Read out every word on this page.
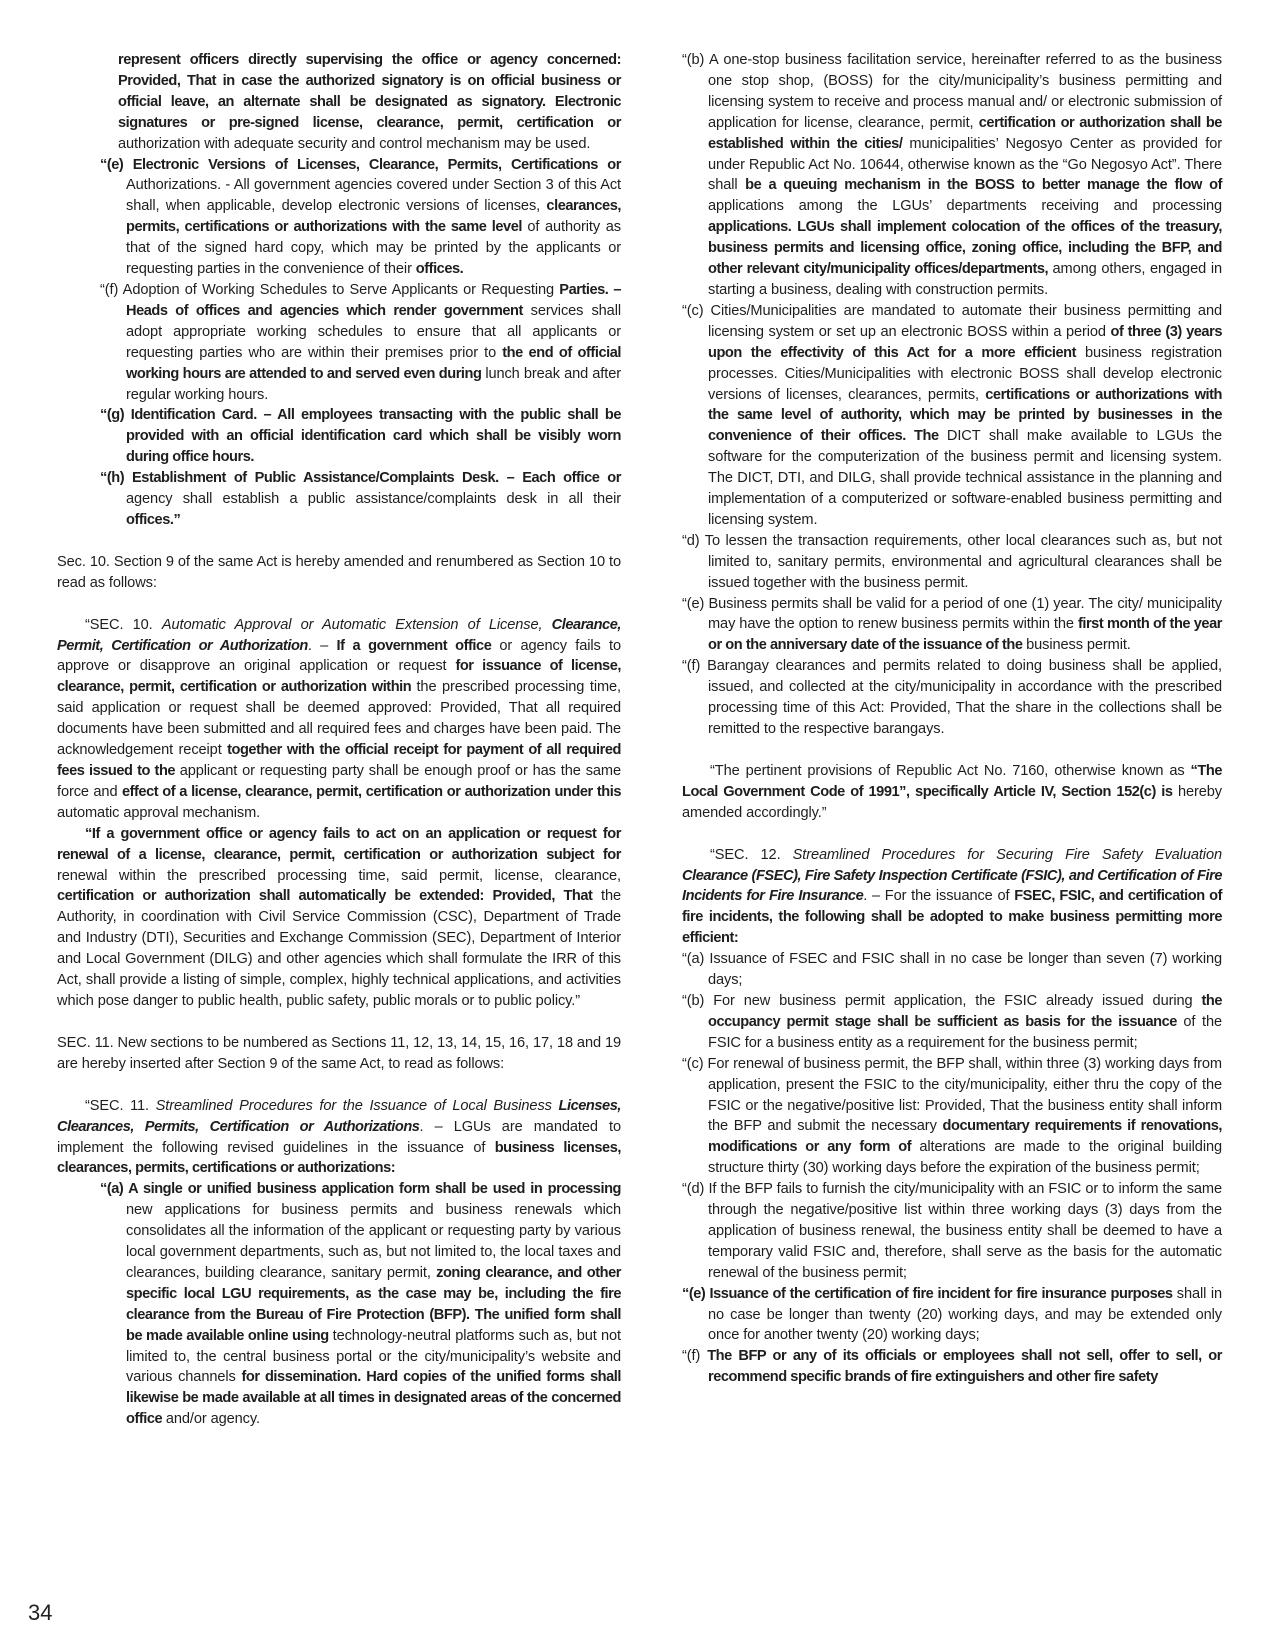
represent officers directly supervising the office or agency concerned: Provided, That in case the authorized signatory is on official business or official leave, an alternate shall be designated as signatory. Electronic signatures or pre-signed license, clearance, permit, certification or authorization with adequate security and control mechanism may be used.

“(e) Electronic Versions of Licenses, Clearance, Permits, Certifications or Authorizations. - All government agencies covered under Section 3 of this Act shall, when applicable, develop electronic versions of licenses, clearances, permits, certifications or authorizations with the same level of authority as that of the signed hard copy, which may be printed by the applicants or requesting parties in the convenience of their offices.

“(f) Adoption of Working Schedules to Serve Applicants or Requesting Parties. – Heads of offices and agencies which render government services shall adopt appropriate working schedules to ensure that all applicants or requesting parties who are within their premises prior to the end of official working hours are attended to and served even during lunch break and after regular working hours.

“(g) Identification Card. – All employees transacting with the public shall be provided with an official identification card which shall be visibly worn during office hours.

“(h) Establishment of Public Assistance/Complaints Desk. – Each office or agency shall establish a public assistance/complaints desk in all their offices.”

Sec. 10. Section 9 of the same Act is hereby amended and renumbered as Section 10 to read as follows:

“SEC. 10. Automatic Approval or Automatic Extension of License, Clearance, Permit, Certification or Authorization. – If a government office or agency fails to approve or disapprove an original application or request for issuance of license, clearance, permit, certification or authorization within the prescribed processing time, said application or request shall be deemed approved: Provided, That all required documents have been submitted and all required fees and charges have been paid. The acknowledgement receipt together with the official receipt for payment of all required fees issued to the applicant or requesting party shall be enough proof or has the same force and effect of a license, clearance, permit, certification or authorization under this automatic approval mechanism.

“If a government office or agency fails to act on an application or request for renewal of a license, clearance, permit, certification or authorization subject for renewal within the prescribed processing time, said permit, license, clearance, certification or authorization shall automatically be extended: Provided, That the Authority, in coordination with Civil Service Commission (CSC), Department of Trade and Industry (DTI), Securities and Exchange Commission (SEC), Department of Interior and Local Government (DILG) and other agencies which shall formulate the IRR of this Act, shall provide a listing of simple, complex, highly technical applications, and activities which pose danger to public health, public safety, public morals or to public policy.”

SEC. 11. New sections to be numbered as Sections 11, 12, 13, 14, 15, 16, 17, 18 and 19 are hereby inserted after Section 9 of the same Act, to read as follows:

“SEC. 11. Streamlined Procedures for the Issuance of Local Business Licenses, Clearances, Permits, Certification or Authorizations. – LGUs are mandated to implement the following revised guidelines in the issuance of business licenses, clearances, permits, certifications or authorizations:

“(a) A single or unified business application form shall be used in processing new applications for business permits and business renewals which consolidates all the information of the applicant or requesting party by various local government departments, such as, but not limited to, the local taxes and clearances, building clearance, sanitary permit, zoning clearance, and other specific local LGU requirements, as the case may be, including the fire clearance from the Bureau of Fire Protection (BFP). The unified form shall be made available online using technology-neutral platforms such as, but not limited to, the central business portal or the city/municipality’s website and various channels for dissemination. Hard copies of the unified forms shall likewise be made available at all times in designated areas of the concerned office and/or agency.

“(b) A one-stop business facilitation service, hereinafter referred to as the business one stop shop, (BOSS) for the city/municipality’s business permitting and licensing system to receive and process manual and/ or electronic submission of application for license, clearance, permit, certification or authorization shall be established within the cities/ municipalities’ Negosyo Center as provided for under Republic Act No. 10644, otherwise known as the “Go Negosyo Act”. There shall be a queuing mechanism in the BOSS to better manage the flow of applications among the LGUs’ departments receiving and processing applications. LGUs shall implement colocation of the offices of the treasury, business permits and licensing office, zoning office, including the BFP, and other relevant city/municipality offices/departments, among others, engaged in starting a business, dealing with construction permits.

“(c) Cities/Municipalities are mandated to automate their business permitting and licensing system or set up an electronic BOSS within a period of three (3) years upon the effectivity of this Act for a more efficient business registration processes. Cities/Municipalities with electronic BOSS shall develop electronic versions of licenses, clearances, permits, certifications or authorizations with the same level of authority, which may be printed by businesses in the convenience of their offices. The DICT shall make available to LGUs the software for the computerization of the business permit and licensing system. The DICT, DTI, and DILG, shall provide technical assistance in the planning and implementation of a computerized or software-enabled business permitting and licensing system.

“d) To lessen the transaction requirements, other local clearances such as, but not limited to, sanitary permits, environmental and agricultural clearances shall be issued together with the business permit.

“(e) Business permits shall be valid for a period of one (1) year. The city/ municipality may have the option to renew business permits within the first month of the year or on the anniversary date of the issuance of the business permit.

“(f) Barangay clearances and permits related to doing business shall be applied, issued, and collected at the city/municipality in accordance with the prescribed processing time of this Act: Provided, That the share in the collections shall be remitted to the respective barangays.

“The pertinent provisions of Republic Act No. 7160, otherwise known as “The Local Government Code of 1991”, specifically Article IV, Section 152(c) is hereby amended accordingly.”

“SEC. 12. Streamlined Procedures for Securing Fire Safety Evaluation Clearance (FSEC), Fire Safety Inspection Certificate (FSIC), and Certification of Fire Incidents for Fire Insurance. – For the issuance of FSEC, FSIC, and certification of fire incidents, the following shall be adopted to make business permitting more efficient:

“(a) Issuance of FSEC and FSIC shall in no case be longer than seven (7) working days;

“(b) For new business permit application, the FSIC already issued during the occupancy permit stage shall be sufficient as basis for the issuance of the FSIC for a business entity as a requirement for the business permit;

“(c) For renewal of business permit, the BFP shall, within three (3) working days from application, present the FSIC to the city/municipality, either thru the copy of the FSIC or the negative/positive list: Provided, That the business entity shall inform the BFP and submit the necessary documentary requirements if renovations, modifications or any form of alterations are made to the original building structure thirty (30) working days before the expiration of the business permit;

“(d) If the BFP fails to furnish the city/municipality with an FSIC or to inform the same through the negative/positive list within three working days (3) days from the application of business renewal, the business entity shall be deemed to have a temporary valid FSIC and, therefore, shall serve as the basis for the automatic renewal of the business permit;

“(e) Issuance of the certification of fire incident for fire insurance purposes shall in no case be longer than twenty (20) working days, and may be extended only once for another twenty (20) working days;

“(f) The BFP or any of its officials or employees shall not sell, offer to sell, or recommend specific brands of fire extinguishers and other fire safety

34
